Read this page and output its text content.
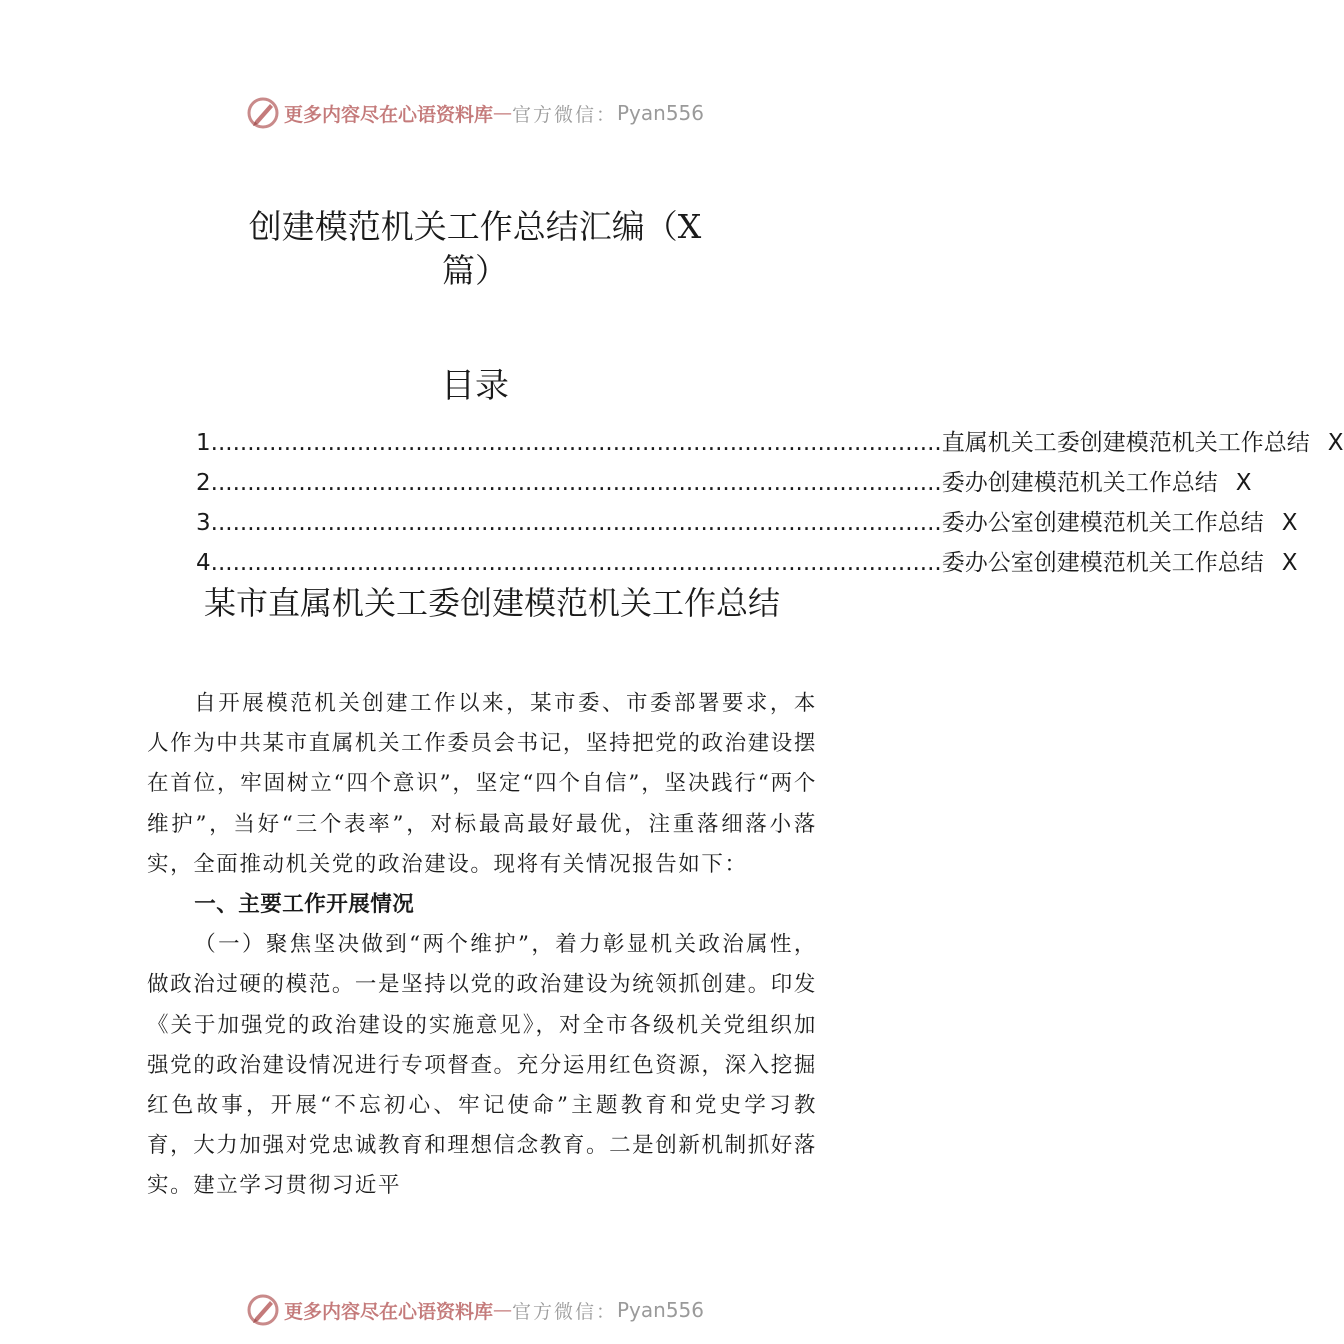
更多内容尽在心语资料库 — 官方微信： Pyan556
创建模范机关工作总结汇编（X
篇）
目录
1 .................................................................................................... 直属机关工委创建模范机关工作总结 X
2 .................................................................................................... 委办创建模范机关工作总结 X
3 .................................................................................................... 委办公室创建模范机关工作总结 X
4 .................................................................................................... 委办公室创建模范机关工作总结 X
某市直属机关工委创建模范机关工作总结

自开展模范机关创建工作以来，某市委、市委部署要求，本人作为中共某市直属机关工作委员会书记，坚持把党的政治建设摆在首位，牢固树立“四个意识”，坚定“四个自信”，坚决践行“两个维护”，当好“三个表率”，对标最高最好最优，注重落细落小落实，全面推动机关党的政治建设。现将有关情况报告如下：

一、主要工作开展情况

（一）聚焦坚决做到“两个维护”，着力彰显机关政治属性，做政治过硬的模范。一是坚持以党的政治建设为统领抓创建。印发《关于加强党的政治建设的实施意见》，对全市各级机关党组织加强党的政治建设情况进行专项督查。充分运用红色资源，深入挖掘红色故事，开展“不忘初心、牢记使命”主题教育和党史学习教育，大力加强对党忠诚教育和理想信念教育。二是创新机制抓好落实。建立学习贯彻习近平

更多内容尽在心语资料库 — 官方微信： Pyan556
